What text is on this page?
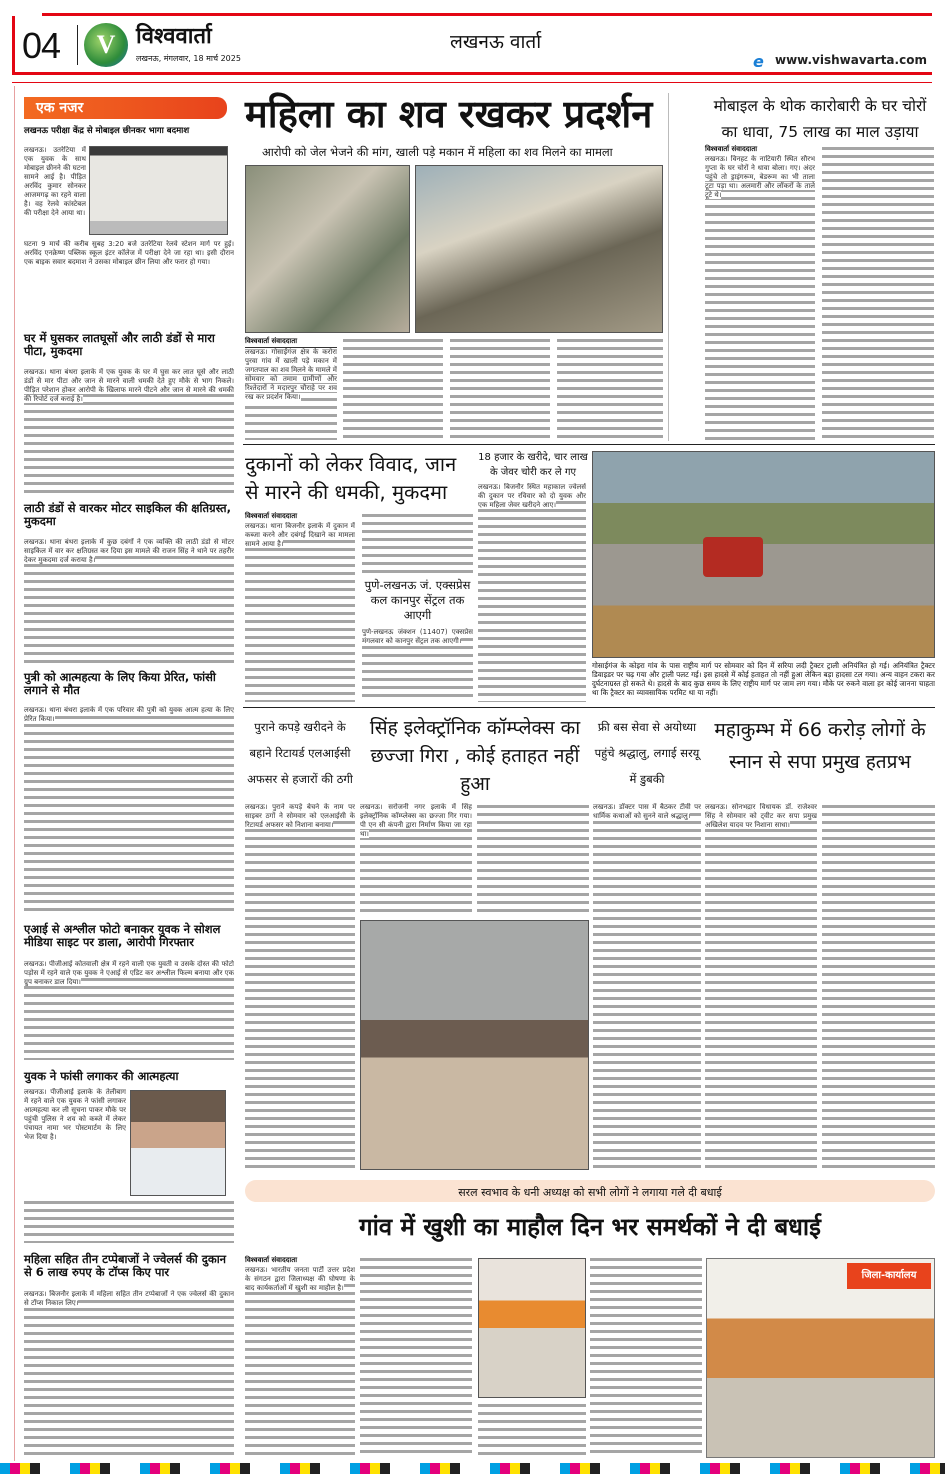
04	V विश्ववार्ता
लखनऊ, मंगलवार, 18 मार्च 2025
लखनऊ वार्ता
e www.vishwavarta.com
एक नजर
लखनऊ परीक्षा केंद्र से मोबाइल छीनकर भागा बदमाश
लखनऊ। उतरेटिया में एक युवक के साथ मोबाइल छीनने की घटना सामने आई है। पीड़ित अरविंद कुमार सोनकर आजमगढ़ का रहने वाला है। वह रेलवे कांस्टेबल की परीक्षा देने आया था।
घटना 9 मार्च की करीब सुबह 3:20 बजे उतरेटिया रेलवे स्टेशन मार्ग पर हुई। अरविंद एनक्रेष्ण पब्लिक स्कूल इंटर कॉलेज में परीक्षा देने जा रहा था। इसी दौरान एक बाइक सवार बदमाश ने उसका मोबाइल छीन लिया और फरार हो गया।
घर में घुसकर लातघूसों और लाठी डंडों से मारा पीटा, मुकदमा
लखनऊ। थाना बंथरा इलाके में एक युवक के घर में घुस कर लात घूसे और लाठी डंडों से मार पीटा और जान से मारने वाली धमकी देते हुए मौके से भाग निकले। पीड़ित परेशान होकर आरोपी के खिलाफ मारने पीटने और जान से मारने की धमकी की रिपोर्ट दर्ज कराई है।
लाठी डंडों से वारकर मोटर साइकिल की क्षतिग्रस्त, मुकदमा
लखनऊ। थाना बंथरा इलाके में कुछ दबंगों ने एक व्यक्ति की लाठी डंडो से मोटर साइकिल में वार कर क्षतिग्रस्त कर दिया इस मामले की राजन सिंह ने थाने पर तहरीर देकर मुकदमा दर्ज कराया है।
पुत्री को आत्महत्या के लिए किया प्रेरित, फांसी लगाने से मौत
लखनऊ। थाना बंथरा इलाके में एक परिवार की पुत्री को युवक आत्म हत्या के लिए प्रेरित किया।
एआई से अश्लील फोटो बनाकर युवक ने सोशल मीडिया साइट पर डाला, आरोपी गिरफ्तार
लखनऊ। पीजीआई कोतवाली क्षेत्र में रहने वाली एक युवती व उसके दोस्त की फोटो पड़ोस में रहने वाले एक युवक ने एआई से एडिट कर अश्लील फिल्म बनाया और एक ग्रुप बनाकर डाल दिया।
युवक ने फांसी लगाकर की आत्महत्या
लखनऊ। पीजीआई इलाके के तेलीबाग में रहने वाले एक युवक ने फांसी लगाकर आत्महत्या कर ली सूचना पाकर मौके पर पहुंची पुलिस ने शव को कब्जे में लेकर पंचायत नामा भर पोस्टमार्टम के लिए भेज दिया है।
महिला सहित तीन टप्पेबाजों ने ज्वेलर्स की दुकान से 6 लाख रुपए के टॉप्स किए पार
लखनऊ। बिजनौर इलाके में महिला सहित तीन टप्पेबाजों ने एक ज्वेलर्स की दुकान से टॉप्स निकाल लिए।
महिला का शव रखकर प्रदर्शन
आरोपी को जेल भेजने की मांग, खाली पड़े मकान में महिला का शव मिलने का मामला
विश्ववार्ता संवाददाता
लखनऊ। गोसाईंगंज क्षेत्र के करोरा पुरवा गांव में खाली पड़े मकान में जगतपाल का शव मिलने के मामले में सोमवार को तमाम ग्रामीणों और रिश्तेदारों ने मदारपुर चौराहे पर शव रख कर प्रदर्शन किया।
मोबाइल के थोक कारोबारी के घर चोरों का धावा, 75 लाख का माल उड़ाया
विश्ववार्ता संवाददाता
लखनऊ। विनहट के नाटियारी स्थित सौरभ गुप्ता के घर चोरों ने धावा बोला। गए। अंदर पहुंचे तो ड्राइंगरूम, बेडरूम का भी ताला टूटा पड़ा था। अलमारी और लॉकरों के ताले टूटे थे।
दुकानों को लेकर विवाद, जान से मारने की धमकी, मुकदमा
विश्ववार्ता संवाददाता
लखनऊ। थाना बिजनौर इलाके में दुकान में कब्जा करने और दबंगई दिखाने का मामला सामने आया है।
पुणे-लखनऊ जं. एक्सप्रेस कल कानपुर सेंट्रल तक आएगी
पुणे-लखनऊ जंक्शन (11407) एक्सप्रेस मंगलवार को कानपुर सेंट्रल तक आएगी।
18 हजार के खरीदे, चार लाख के जेवर चोरी कर ले गए
लखनऊ। बिजनौर स्थित महाकाल ज्वेलर्स की दुकान पर रविवार को दो युवक और एक महिला जेवर खरीदने आए।
गोसाईगंज के कोइरा गांव के पास राष्ट्रीय मार्ग पर सोमवार को दिन में सरिया लदी ट्रैक्टर ट्राली अनियंत्रित हो गई। अनियंत्रित ट्रैक्टर डिवाइडर पर चढ़ गया और ट्राली पलट गई। इस हादसे में कोई हताहत तो नहीं हुआ लेकिन बड़ा हादसा टल गया। अन्य वाहन टकरा कर दुर्घटनाग्रस्त हो सकते थे। हादसे के बाद कुछ समय के लिए राष्ट्रीय मार्ग पर जाम लग गया। मौके पर रुकने वाला हर कोई जानना चाहता था कि ट्रैक्टर का व्यावसायिक परमिट था या नहीं।
पुराने कपड़े खरीदने के बहाने रिटायर्ड एलआईसी अफसर से हजारों की ठगी
लखनऊ। पुराने कपड़े बेचने के नाम पर साइबर ठगों ने सोमवार को एलआईसी के रिटायर्ड अफसर को निशाना बनाया।
सिंह इलेक्ट्रॉनिक कॉम्प्लेक्स का छज्जा गिरा , कोई हताहत नहीं हुआ
लखनऊ। सरोजनी नगर इलाके में सिंह इलेक्ट्रॉनिक कॉम्प्लेक्स का छज्जा गिर गया। पी एन सी कंपनी द्वारा निर्माण किया जा रहा था।
फ्री बस सेवा से अयोध्या पहुंचे श्रद्धालु, लगाई सरयू में डुबकी
लखनऊ। डॉक्टर पास में बैठकर टीवी पर धार्मिक कथाओं को सुनने वाले श्रद्धालु।
महाकुम्भ में 66 करोड़ लोगों के स्नान से सपा प्रमुख हतप्रभ
लखनऊ। सोनभद्रार विधायक डॉ. राजेश्वर सिंह ने सोमवार को ट्वीट कर सपा प्रमुख अखिलेश यादव पर निशाना साधा।
सरल स्वभाव के धनी अध्यक्ष को सभी लोगों ने लगाया गले दी बधाई
गांव में खुशी का माहौल दिन भर समर्थकों ने दी बधाई
विश्ववार्ता संवाददाता
लखनऊ। भारतीय जनता पार्टी उत्तर प्रदेश के संगठन द्वारा जिलाध्यक्ष की घोषणा के बाद कार्यकर्ताओं में खुशी का माहौल है।
जिला-कार्यालय
